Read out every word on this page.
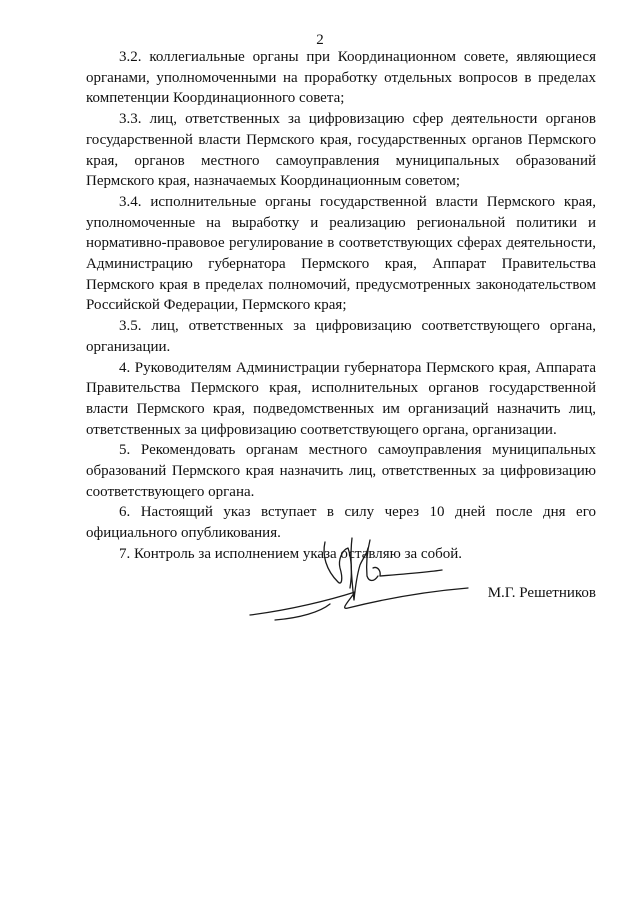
2

3.2. коллегиальные органы при Координационном совете, являющиеся органами, уполномоченными на проработку отдельных вопросов в пределах компетенции Координационного совета;

3.3. лиц, ответственных за цифровизацию сфер деятельности органов государственной власти Пермского края, государственных органов Пермского края, органов местного самоуправления муниципальных образований Пермского края, назначаемых Координационным советом;

3.4. исполнительные органы государственной власти Пермского края, уполномоченные на выработку и реализацию региональной политики и нормативно-правовое регулирование в соответствующих сферах деятельности, Администрацию губернатора Пермского края, Аппарат Правительства Пермского края в пределах полномочий, предусмотренных законодательством Российской Федерации, Пермского края;

3.5. лиц, ответственных за цифровизацию соответствующего органа, организации.

4. Руководителям Администрации губернатора Пермского края, Аппарата Правительства Пермского края, исполнительных органов государственной власти Пермского края, подведомственных им организаций назначить лиц, ответственных за цифровизацию соответствующего органа, организации.

5. Рекомендовать органам местного самоуправления муниципальных образований Пермского края назначить лиц, ответственных за цифровизацию соответствующего органа.

6. Настоящий указ вступает в силу через 10 дней после дня его официального опубликования.

7. Контроль за исполнением указа оставляю за собой.

М.Г. Решетников
